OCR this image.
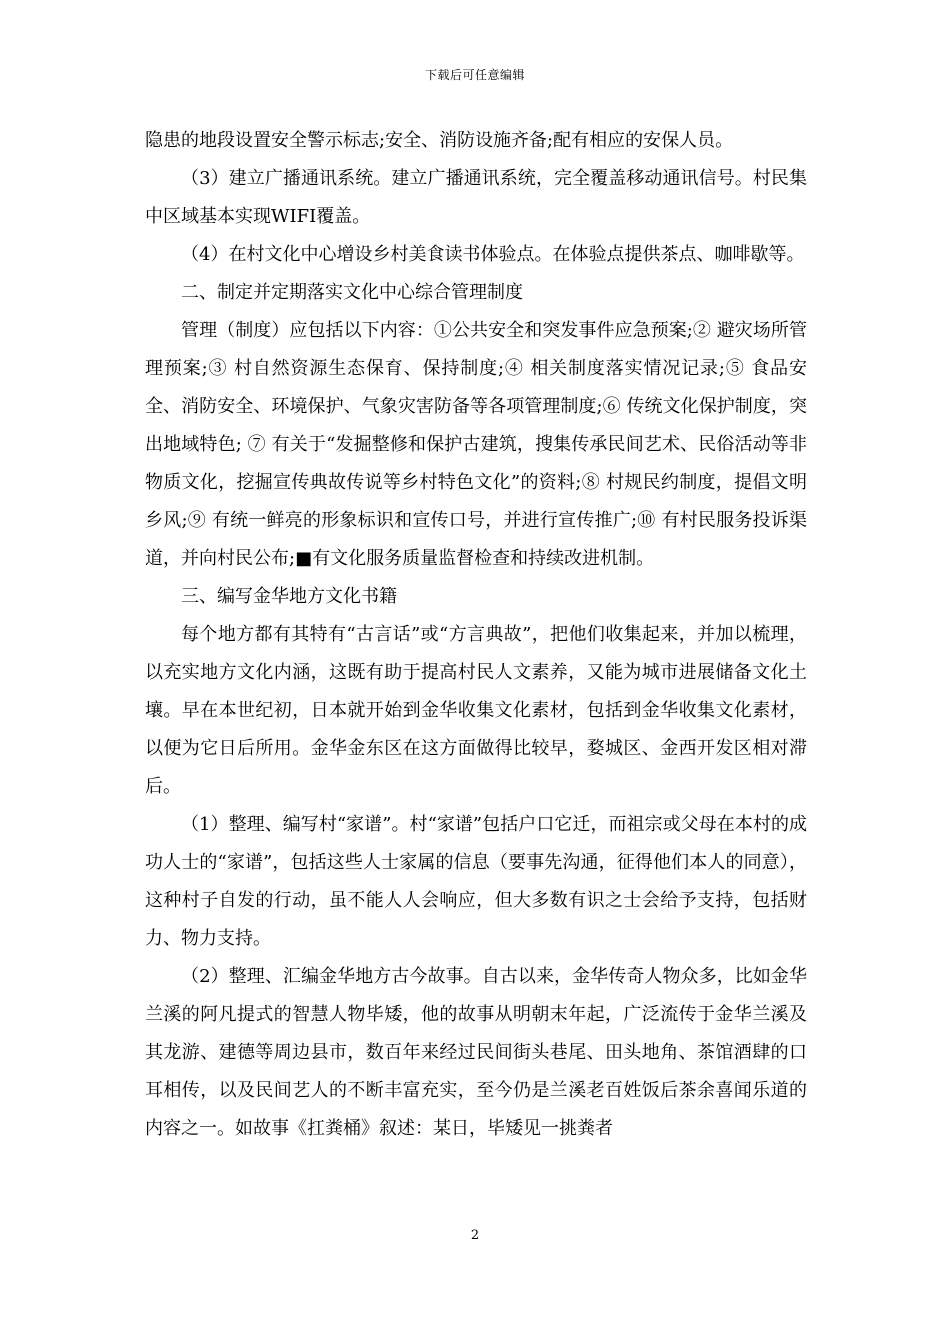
下载后可任意编辑

隐患的地段设置安全警示标志;安全、消防设施齐备;配有相应的安保人员。

（3）建立广播通讯系统。建立广播通讯系统，完全覆盖移动通讯信号。村民集中区域基本实现WIFI覆盖。

（4）在村文化中心增设乡村美食读书体验点。在体验点提供茶点、咖啡歇等。

二、制定并定期落实文化中心综合管理制度

管理（制度）应包括以下内容：①公共安全和突发事件应急预案;② 避灾场所管理预案;③ 村自然资源生态保育、保持制度;④ 相关制度落实情况记录;⑤ 食品安全、消防安全、环境保护、气象灾害防备等各项管理制度;⑥ 传统文化保护制度，突出地域特色; ⑦ 有关于“发掘整修和保护古建筑，搜集传承民间艺术、民俗活动等非物质文化，挖掘宣传典故传说等乡村特色文化”的资料;⑧ 村规民约制度，提倡文明乡风;⑨ 有统一鲜亮的形象标识和宣传口号，并进行宣传推广;⑩ 有村民服务投诉渠道，并向村民公布;■有文化服务质量监督检查和持续改进机制。

三、编写金华地方文化书籍

每个地方都有其特有“古言话”或“方言典故”，把他们收集起来，并加以梳理，以充实地方文化内涵，这既有助于提高村民人文素养，又能为城市进展储备文化土壤。早在本世纪初，日本就开始到金华收集文化素材，包括到金华收集文化素材，以便为它日后所用。金华金东区在这方面做得比较早，婺城区、金西开发区相对滞后。

（1）整理、编写村“家谱”。村“家谱”包括户口它迁，而祖宗或父母在本村的成功人士的“家谱”，包括这些人士家属的信息（要事先沟通，征得他们本人的同意），这种村子自发的行动，虽不能人人会响应，但大多数有识之士会给予支持，包括财力、物力支持。

（2）整理、汇编金华地方古今故事。自古以来，金华传奇人物众多，比如金华兰溪的阿凡提式的智慧人物毕矮，他的故事从明朝末年起，广泛流传于金华兰溪及其龙游、建德等周边县市，数百年来经过民间街头巷尾、田头地角、茶馆酒肆的口耳相传，以及民间艺人的不断丰富充实，至今仍是兰溪老百姓饭后茶余喜闻乐道的内容之一。如故事《扛粪桶》叙述：某日，毕矮见一挑粪者

2
